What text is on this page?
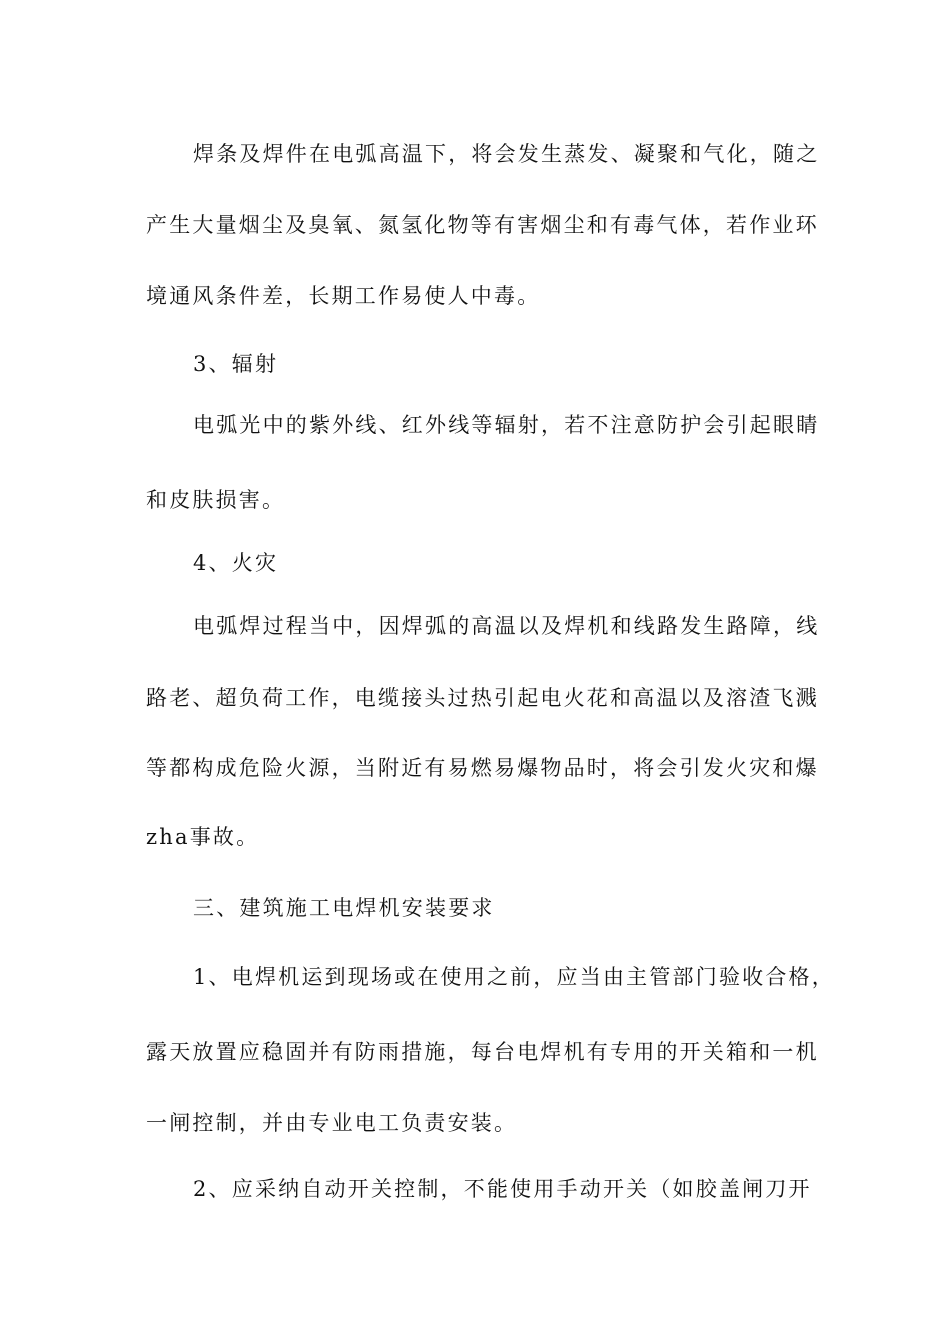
焊条及焊件在电弧高温下，将会发生蒸发、凝聚和气化，随之
产生大量烟尘及臭氧、氮氢化物等有害烟尘和有毒气体，若作业环
境通风条件差，长期工作易使人中毒。
3、辐射
电弧光中的紫外线、红外线等辐射，若不注意防护会引起眼睛
和皮肤损害。
4、火灾
电弧焊过程当中，因焊弧的高温以及焊机和线路发生路障，线
路老、超负荷工作，电缆接头过热引起电火花和高温以及溶渣飞溅
等都构成危险火源，当附近有易燃易爆物品时，将会引发火灾和爆
zha事故。
三、建筑施工电焊机安装要求
1、电焊机运到现场或在使用之前，应当由主管部门验收合格，
露天放置应稳固并有防雨措施，每台电焊机有专用的开关箱和一机
一闸控制，并由专业电工负责安装。
2、应采纳自动开关控制，不能使用手动开关（如胶盖闸刀开
